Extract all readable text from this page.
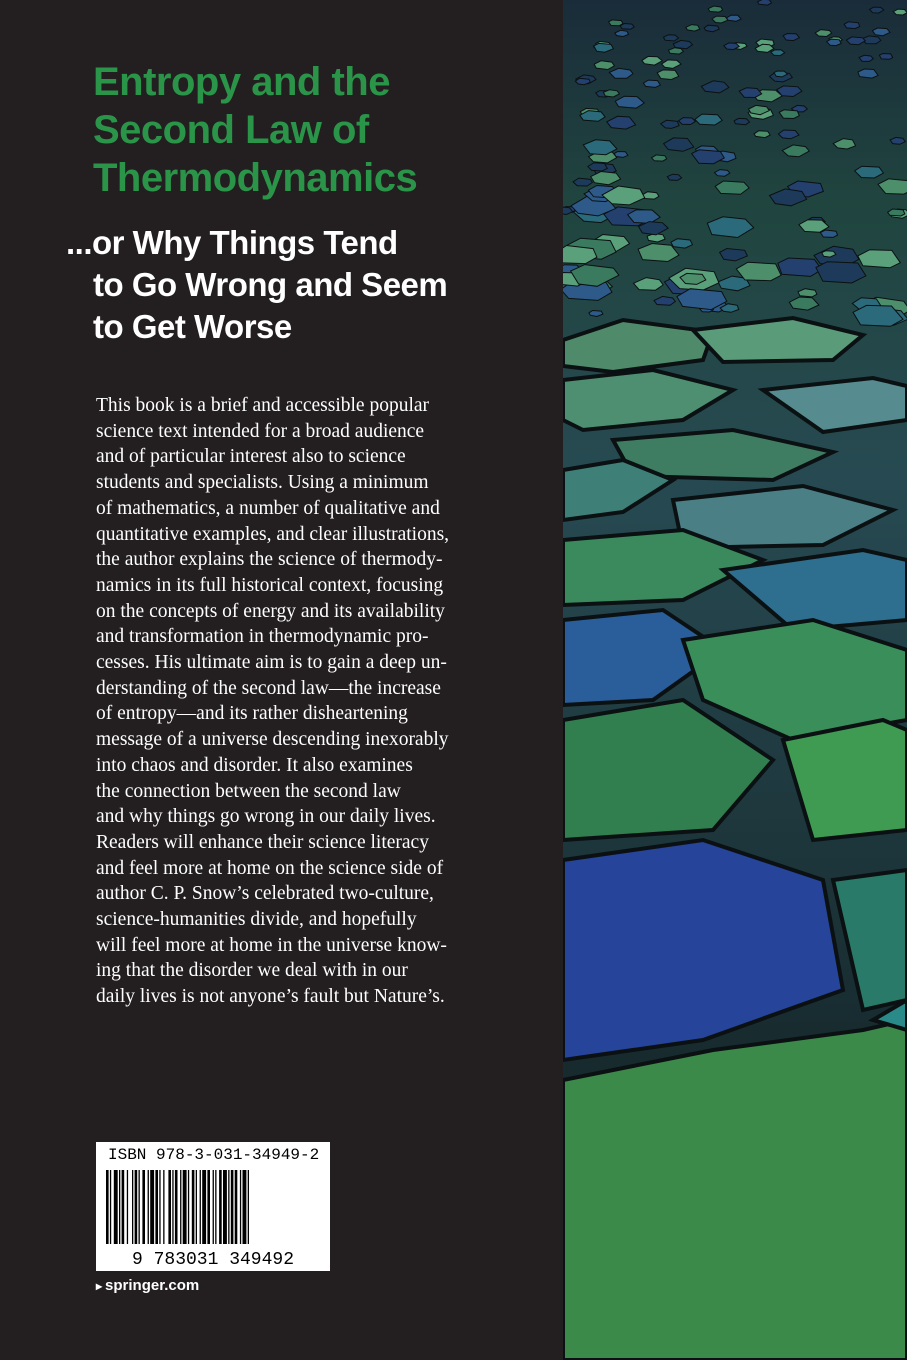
Entropy and the
Second Law of
Thermodynamics
...or Why Things Tend
to Go Wrong and Seem
to Get Worse
This book is a brief and accessible popular
science text intended for a broad audience
and of particular interest also to science
students and specialists. Using a minimum
of mathematics, a number of qualitative and
quantitative examples, and clear illustrations,
the author explains the science of thermody-
namics in its full historical context, focusing
on the concepts of energy and its availability
and transformation in thermodynamic pro-
cesses. His ultimate aim is to gain a deep un-
derstanding of the second law—the increase
of entropy—and its rather disheartening
message of a universe descending inexorably
into chaos and disorder. It also examines
the connection between the second law
and why things go wrong in our daily lives.
Readers will enhance their science literacy
and feel more at home on the science side of
author C. P. Snow’s celebrated two-culture,
science-humanities divide, and hopefully
will feel more at home in the universe know-
ing that the disorder we deal with in our
daily lives is not anyone’s fault but Nature’s.
ISBN 978-3-031-34949-2
9 783031 349492
▸ springer.com
